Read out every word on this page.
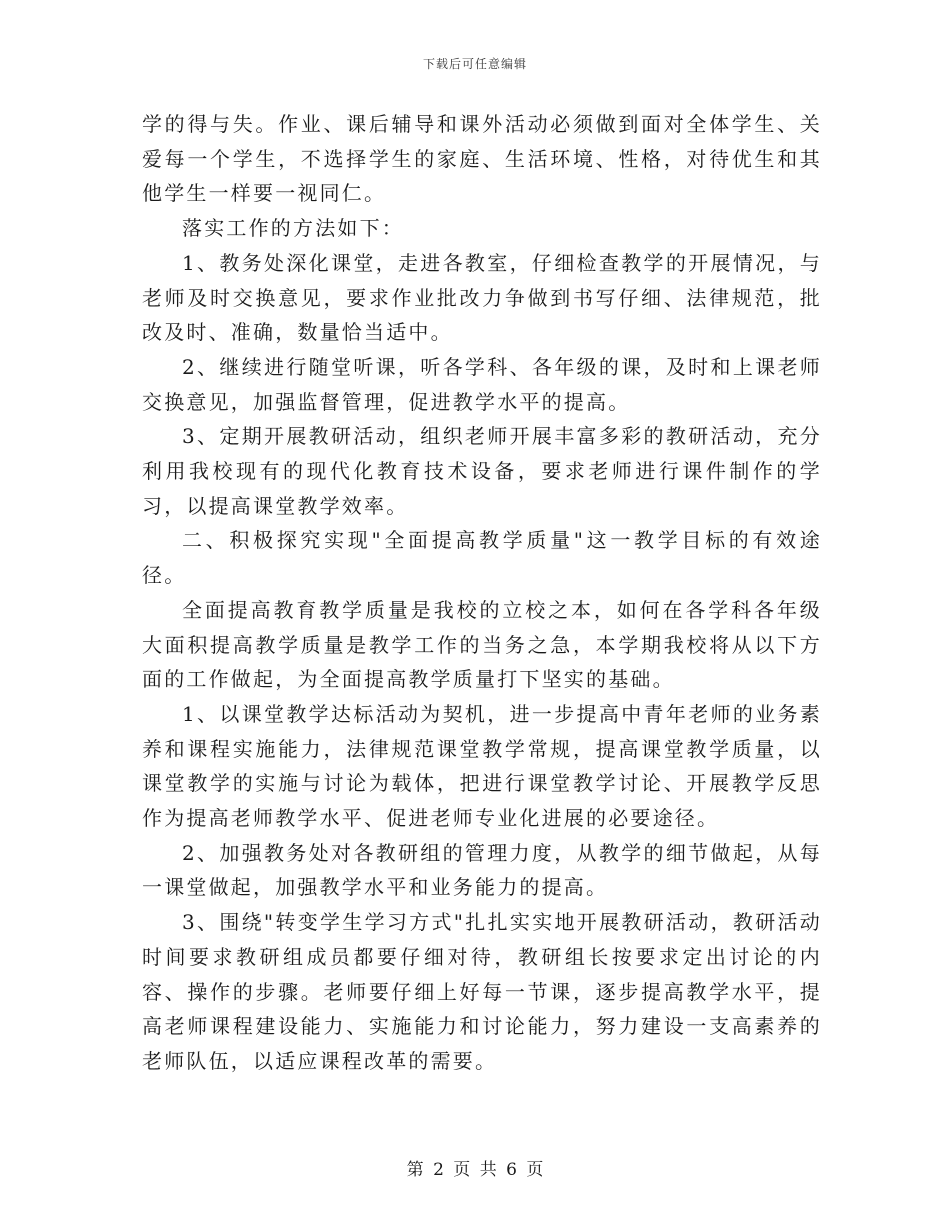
下载后可任意编辑

学的得与失。作业、课后辅导和课外活动必须做到面对全体学生、关爱每一个学生，不选择学生的家庭、生活环境、性格，对待优生和其他学生一样要一视同仁。

落实工作的方法如下：

1、教务处深化课堂，走进各教室，仔细检查教学的开展情况，与老师及时交换意见，要求作业批改力争做到书写仔细、法律规范，批改及时、准确，数量恰当适中。

2、继续进行随堂听课，听各学科、各年级的课，及时和上课老师交换意见，加强监督管理，促进教学水平的提高。

3、定期开展教研活动，组织老师开展丰富多彩的教研活动，充分利用我校现有的现代化教育技术设备，要求老师进行课件制作的学习，以提高课堂教学效率。

二、积极探究实现"全面提高教学质量"这一教学目标的有效途径。

全面提高教育教学质量是我校的立校之本，如何在各学科各年级大面积提高教学质量是教学工作的当务之急，本学期我校将从以下方面的工作做起，为全面提高教学质量打下坚实的基础。

1、以课堂教学达标活动为契机，进一步提高中青年老师的业务素养和课程实施能力，法律规范课堂教学常规，提高课堂教学质量，以课堂教学的实施与讨论为载体，把进行课堂教学讨论、开展教学反思作为提高老师教学水平、促进老师专业化进展的必要途径。

2、加强教务处对各教研组的管理力度，从教学的细节做起，从每一课堂做起，加强教学水平和业务能力的提高。

3、围绕"转变学生学习方式"扎扎实实地开展教研活动，教研活动时间要求教研组成员都要仔细对待，教研组长按要求定出讨论的内容、操作的步骤。老师要仔细上好每一节课，逐步提高教学水平，提高老师课程建设能力、实施能力和讨论能力，努力建设一支高素养的老师队伍，以适应课程改革的需要。

第 2 页 共 6 页
